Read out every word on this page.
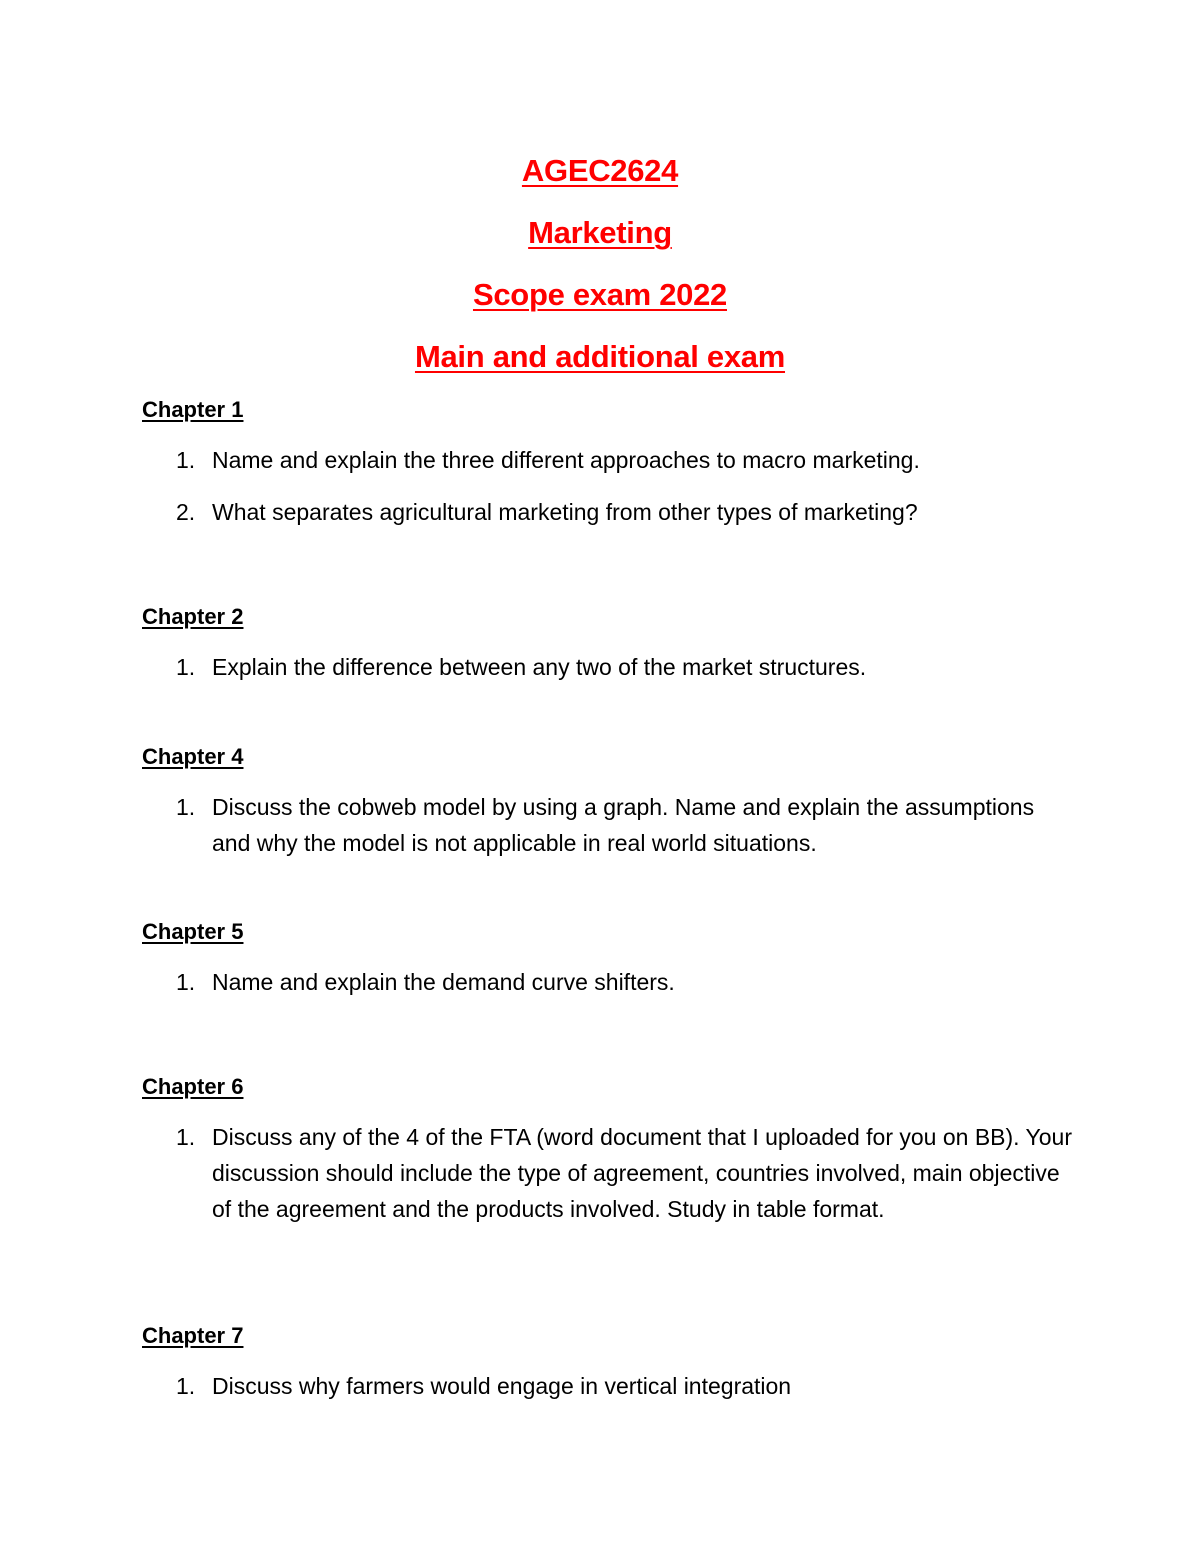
AGEC2624
Marketing
Scope exam 2022
Main and additional exam
Chapter 1
1. Name and explain the three different approaches to macro marketing.
2. What separates agricultural marketing from other types of marketing?
Chapter 2
1. Explain the difference between any two of the market structures.
Chapter 4
1. Discuss the cobweb model by using a graph. Name and explain the assumptions and why the model is not applicable in real world situations.
Chapter 5
1. Name and explain the demand curve shifters.
Chapter 6
1. Discuss any of the 4 of the FTA (word document that I uploaded for you on BB). Your discussion should include the type of agreement, countries involved, main objective of the agreement and the products involved. Study in table format.
Chapter 7
1. Discuss why farmers would engage in vertical integration
